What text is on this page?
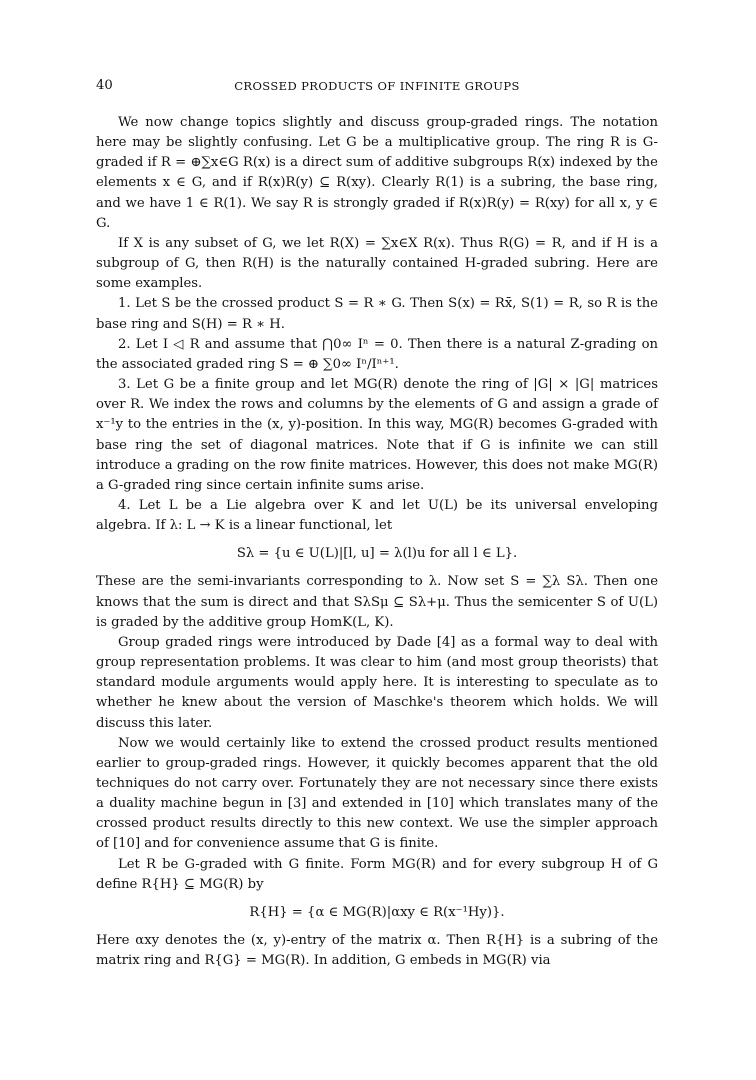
40	CROSSED PRODUCTS OF INFINITE GROUPS

We now change topics slightly and discuss group-graded rings. The notation here may be slightly confusing. Let G be a multiplicative group. The ring R is G-graded if R = ⊕∑x∈G R(x) is a direct sum of additive subgroups R(x) indexed by the elements x ∈ G, and if R(x)R(y) ⊆ R(xy). Clearly R(1) is a subring, the base ring, and we have 1 ∈ R(1). We say R is strongly graded if R(x)R(y) = R(xy) for all x, y ∈ G.

If X is any subset of G, we let R(X) = ∑x∈X R(x). Thus R(G) = R, and if H is a subgroup of G, then R(H) is the naturally contained H-graded subring. Here are some examples.

1. Let S be the crossed product S = R ∗ G. Then S(x) = Rx̄, S(1) = R, so R is the base ring and S(H) = R ∗ H.

2. Let I ◁ R and assume that ⋂0∞ Iⁿ = 0. Then there is a natural Z-grading on the associated graded ring S = ⊕ ∑0∞ Iⁿ/Iⁿ⁺¹.

3. Let G be a finite group and let MG(R) denote the ring of |G| × |G| matrices over R. We index the rows and columns by the elements of G and assign a grade of x⁻¹y to the entries in the (x, y)-position. In this way, MG(R) becomes G-graded with base ring the set of diagonal matrices. Note that if G is infinite we can still introduce a grading on the row finite matrices. However, this does not make MG(R) a G-graded ring since certain infinite sums arise.

4. Let L be a Lie algebra over K and let U(L) be its universal enveloping algebra. If λ: L → K is a linear functional, let

Sλ = {u ∈ U(L)|[l, u] = λ(l)u for all l ∈ L}.

These are the semi-invariants corresponding to λ. Now set S = ∑λ Sλ. Then one knows that the sum is direct and that SλSμ ⊆ Sλ+μ. Thus the semicenter S of U(L) is graded by the additive group HomK(L, K).

Group graded rings were introduced by Dade [4] as a formal way to deal with group representation problems. It was clear to him (and most group theorists) that standard module arguments would apply here. It is interesting to speculate as to whether he knew about the version of Maschke's theorem which holds. We will discuss this later.

Now we would certainly like to extend the crossed product results mentioned earlier to group-graded rings. However, it quickly becomes apparent that the old techniques do not carry over. Fortunately they are not necessary since there exists a duality machine begun in [3] and extended in [10] which translates many of the crossed product results directly to this new context. We use the simpler approach of [10] and for convenience assume that G is finite.

Let R be G-graded with G finite. Form MG(R) and for every subgroup H of G define R{H} ⊆ MG(R) by

R{H} = {α ∈ MG(R)|αxy ∈ R(x⁻¹Hy)}.

Here αxy denotes the (x, y)-entry of the matrix α. Then R{H} is a subring of the matrix ring and R{G} = MG(R). In addition, G embeds in MG(R) via
